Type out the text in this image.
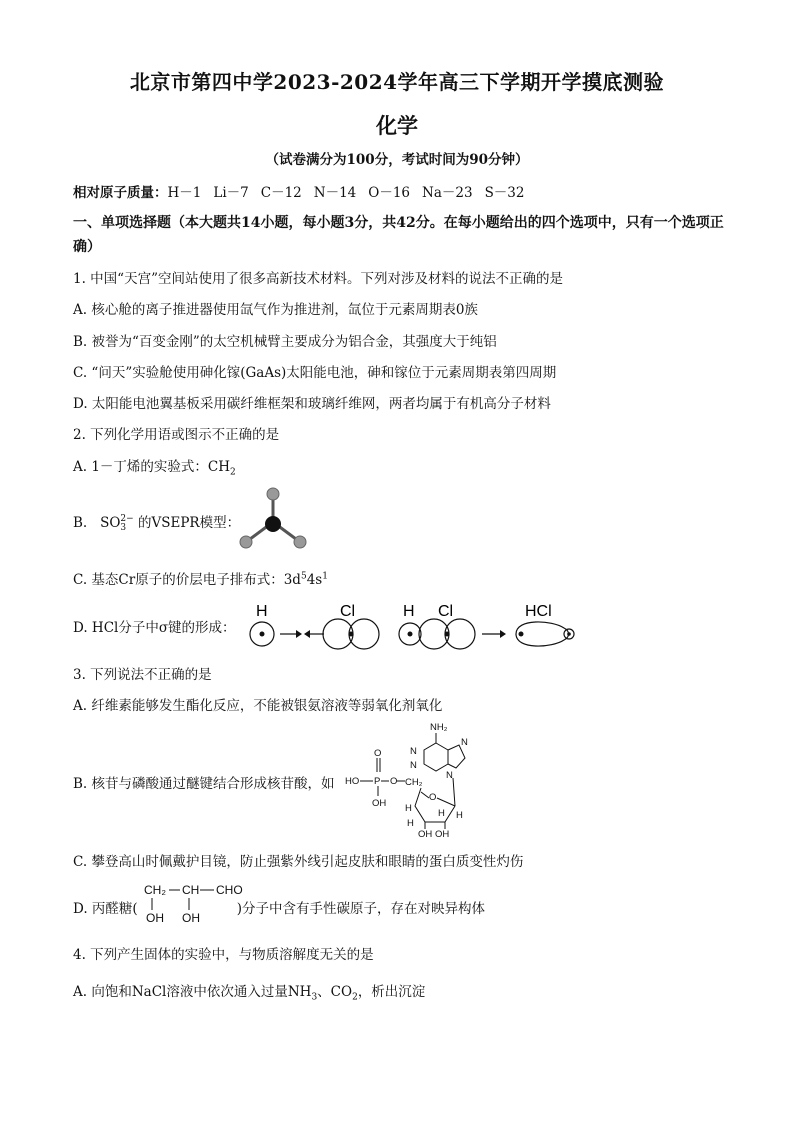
北京市第四中学2023-2024学年高三下学期开学摸底测验
化学
（试卷满分为100分，考试时间为90分钟）
相对原子质量：H－1 Li－7 C－12 N－14 O－16 Na－23 S－32
一、单项选择题（本大题共14小题，每小题3分，共42分。在每小题给出的四个选项中，只有一个选项正确）
1. 中国“天宫”空间站使用了很多高新技术材料。下列对涉及材料的说法不正确的是
A. 核心舱的离子推进器使用氙气作为推进剂，氙位于元素周期表0族
B. 被誉为“百变金刚”的太空机械臂主要成分为铝合金，其强度大于纯铝
C. “问天”实验舱使用砷化镓(GaAs)太阳能电池，砷和镓位于元素周期表第四周期
D. 太阳能电池翼基板采用碳纤维框架和玻璃纤维网，两者均属于有机高分子材料
2. 下列化学用语或图示不正确的是
A. 1－丁烯的实验式：$CH_2$
B. SO 2−
3 的VSEPR模型：
C. 基态Cr原子的价层电子排布式：$3d^54s^1$
D. HCl分子中σ键的形成：
H	Cl	H Cl	HCl
3. 下列说法不正确的是
A. 纤维素能够发生酯化反应，不能被银氨溶液等弱氧化剂氧化
B. 核苷与磷酸通过醚键结合形成核苷酸，如
NH₂
N
N
N
N
O
HO P O
OH
CH₂
O
H
H
H
H
OH OH
C. 攀登高山时佩戴护目镜，防止强紫外线引起皮肤和眼睛的蛋白质变性灼伤
D. 丙醛糖(	)分子中含有手性碳原子，存在对映异构体
CH₂ CH CHO
OH OH
4. 下列产生固体的实验中，与物质溶解度无关的是
A. 向饱和NaCl溶液中依次通入过量$NH_3$、$CO_2$，析出沉淀
